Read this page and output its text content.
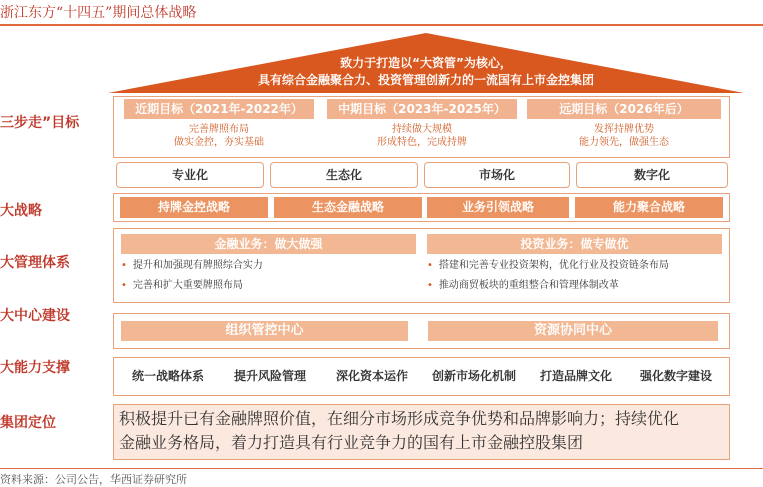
浙江东方“十四五”期间总体战略
致力于打造以“大资管”为核心，
具有综合金融聚合力、投资管理创新力的一流国有上市金控集团
三步走”目标
大战略
大管理体系
大中心建设
大能力支撑
集团定位
近期目标（2021年-2022年）
完善牌照布局
做实金控，夯实基础
中期目标（2023年-2025年）
持续做大规模
形成特色，完成持牌
远期目标（2026年后）
发挥持牌优势
能力领先，做强生态
专业化	生态化	市场化	数字化
持牌金控战略	生态金融战略	业务引领战略	能力聚合战略
金融业务：做大做强
• 提升和加强现有牌照综合实力
• 完善和扩大重要牌照布局
投资业务：做专做优
• 搭建和完善专业投资架构，优化行业及投资链条布局
• 推动商贸板块的重组整合和管理体制改革
组织管控中心	资源协同中心
统一战略体系	提升风险管理	深化资本运作	创新市场化机制	打造品牌文化	强化数字建设
积极提升已有金融牌照价值，在细分市场形成竞争优势和品牌影响力；持续优化
金融业务格局，着力打造具有行业竞争力的国有上市金融控股集团
资料来源：公司公告，华西证券研究所
